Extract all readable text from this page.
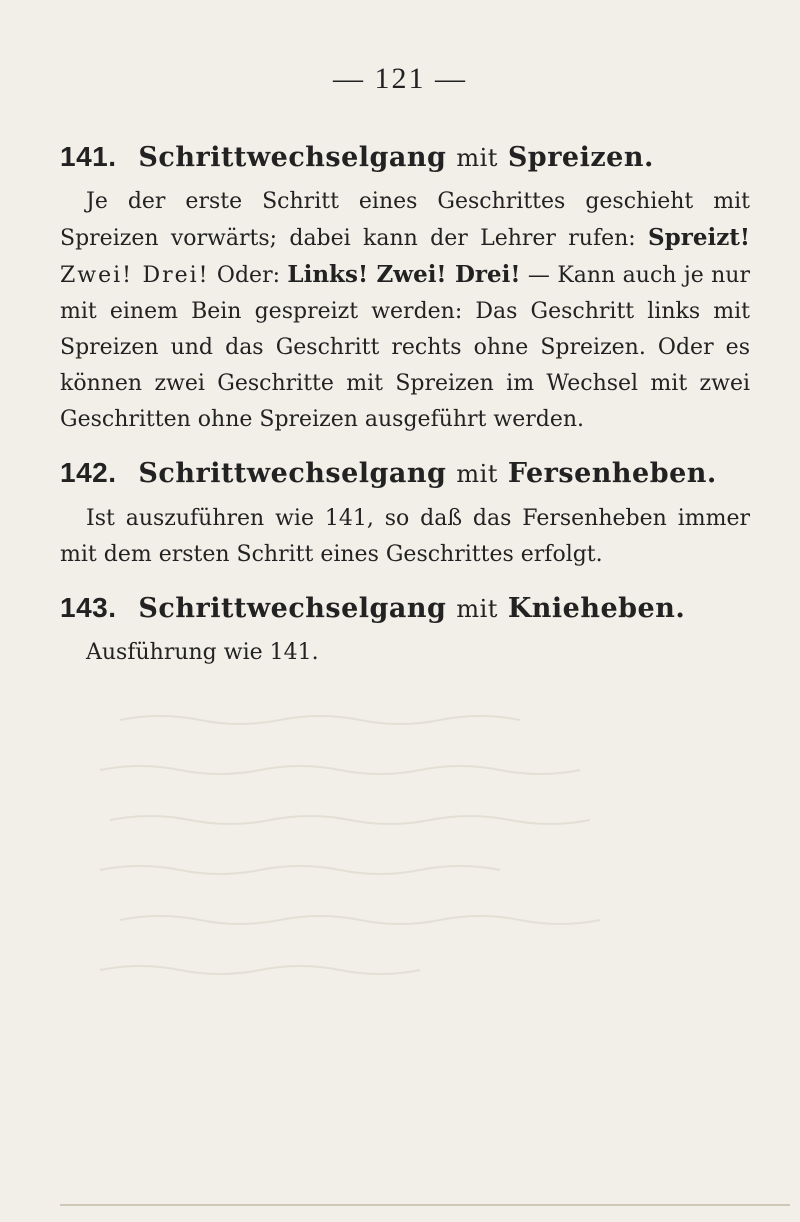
— 121 —
141. Schrittwechselgang mit Spreizen.

Je der erste Schritt eines Geschrittes geschieht mit Spreizen vorwärts; dabei kann der Lehrer rufen: Spreizt! Zwei! Drei! Oder: Links! Zwei! Drei! — Kann auch je nur mit einem Bein gespreizt werden: Das Geschritt links mit Spreizen und das Geschritt rechts ohne Spreizen. Oder es können zwei Geschritte mit Spreizen im Wechsel mit zwei Geschritten ohne Spreizen ausgeführt werden.

142. Schrittwechselgang mit Fersenheben.

Ist auszuführen wie 141, so daß das Fersenheben immer mit dem ersten Schritt eines Geschrittes erfolgt.

143. Schrittwechselgang mit Knieheben.

Ausführung wie 141.
